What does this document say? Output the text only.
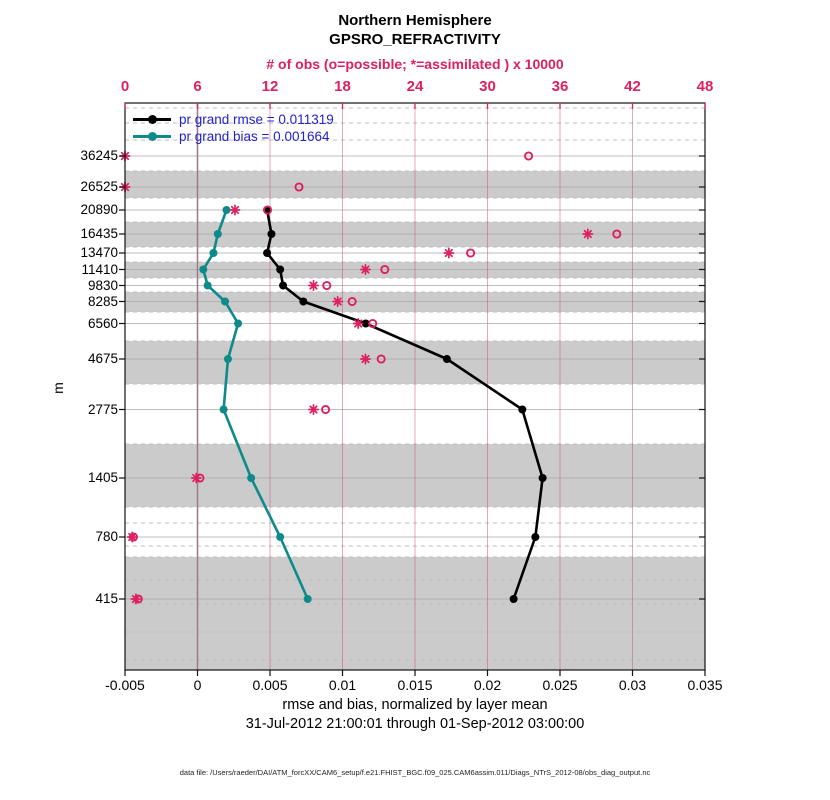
Northern Hemisphere
GPSRO_REFRACTIVITY
# of obs (o=possible; *=assimilated ) x 10000
0	6	12	18	24	30	36	42	48
pr grand rmse = 0.011319
pr grand bias = 0.001664
36245
26525
20890
16435
13470
11410
9830
8285
6560
4675
2775
1405
780
415
m
-0.005	0	0.005	0.01	0.015	0.02	0.025	0.03	0.035
rmse and bias, normalized by layer mean
31-Jul-2012 21:00:01 through 01-Sep-2012 03:00:00
data file: /Users/raeder/DAI/ATM_forcXX/CAM6_setup/f.e21.FHIST_BGC.f09_025.CAM6assim.011/Diags_NTrS_2012-08/obs_diag_output.nc
